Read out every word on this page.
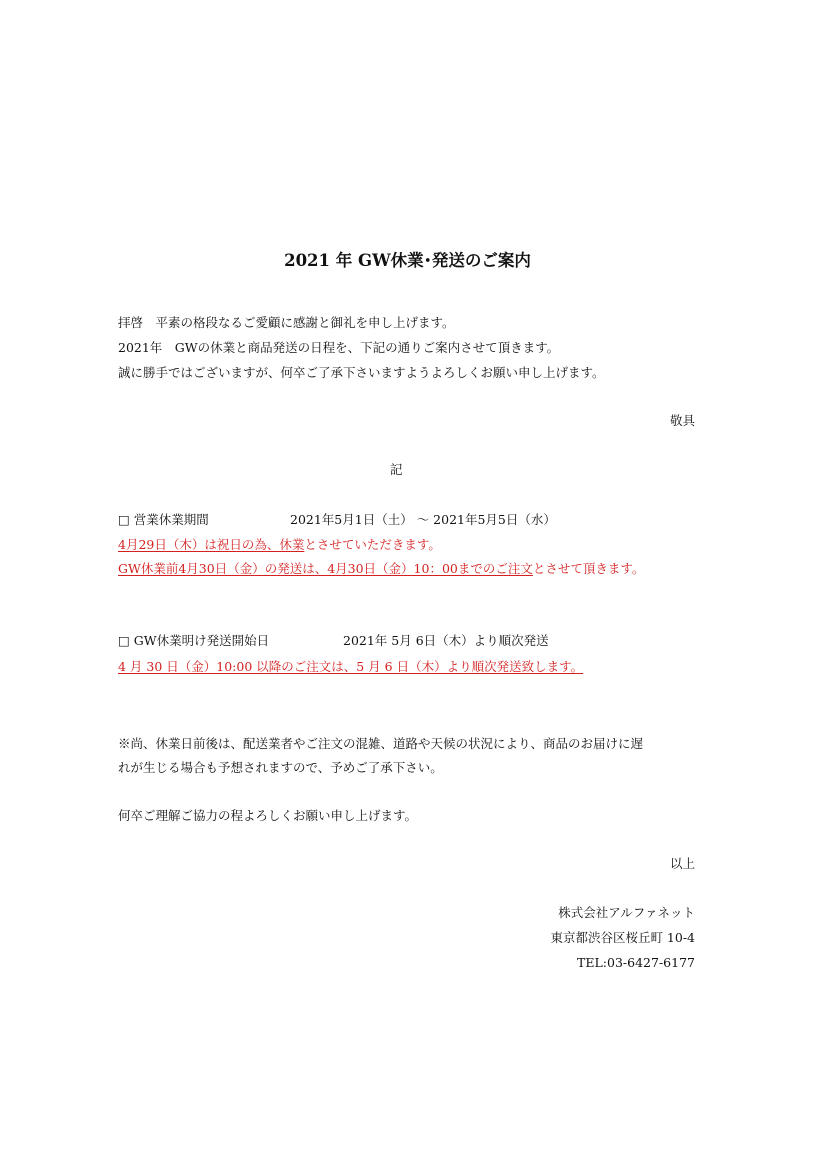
2021 年 GW休業･発送のご案内
拝啓　平素の格段なるご愛顧に感謝と御礼を申し上げます。
2021年　GWの休業と商品発送の日程を、下記の通りご案内させて頂きます。
誠に勝手ではございますが、何卒ご了承下さいますようよろしくお願い申し上げます。
敬具
記
□ 営業休業期間	2021年5月1日（土） ～ 2021年5月5日（水）
4月29日（木）は祝日の為、休業とさせていただきます。
GW休業前4月30日（金）の発送は、4月30日（金）10：00までのご注文とさせて頂きます。
□ GW休業明け発送開始日	2021年 5月 6日（木）より順次発送
4 月 30 日（金）10:00 以降のご注文は、5 月 6 日（木）より順次発送致します。
※尚、休業日前後は、配送業者やご注文の混雑、道路や天候の状況により、商品のお届けに遅
れが生じる場合も予想されますので、予めご了承下さい。
何卒ご理解ご協力の程よろしくお願い申し上げます。
以上
株式会社アルファネット
東京都渋谷区桜丘町 10-4
TEL:03-6427-6177
